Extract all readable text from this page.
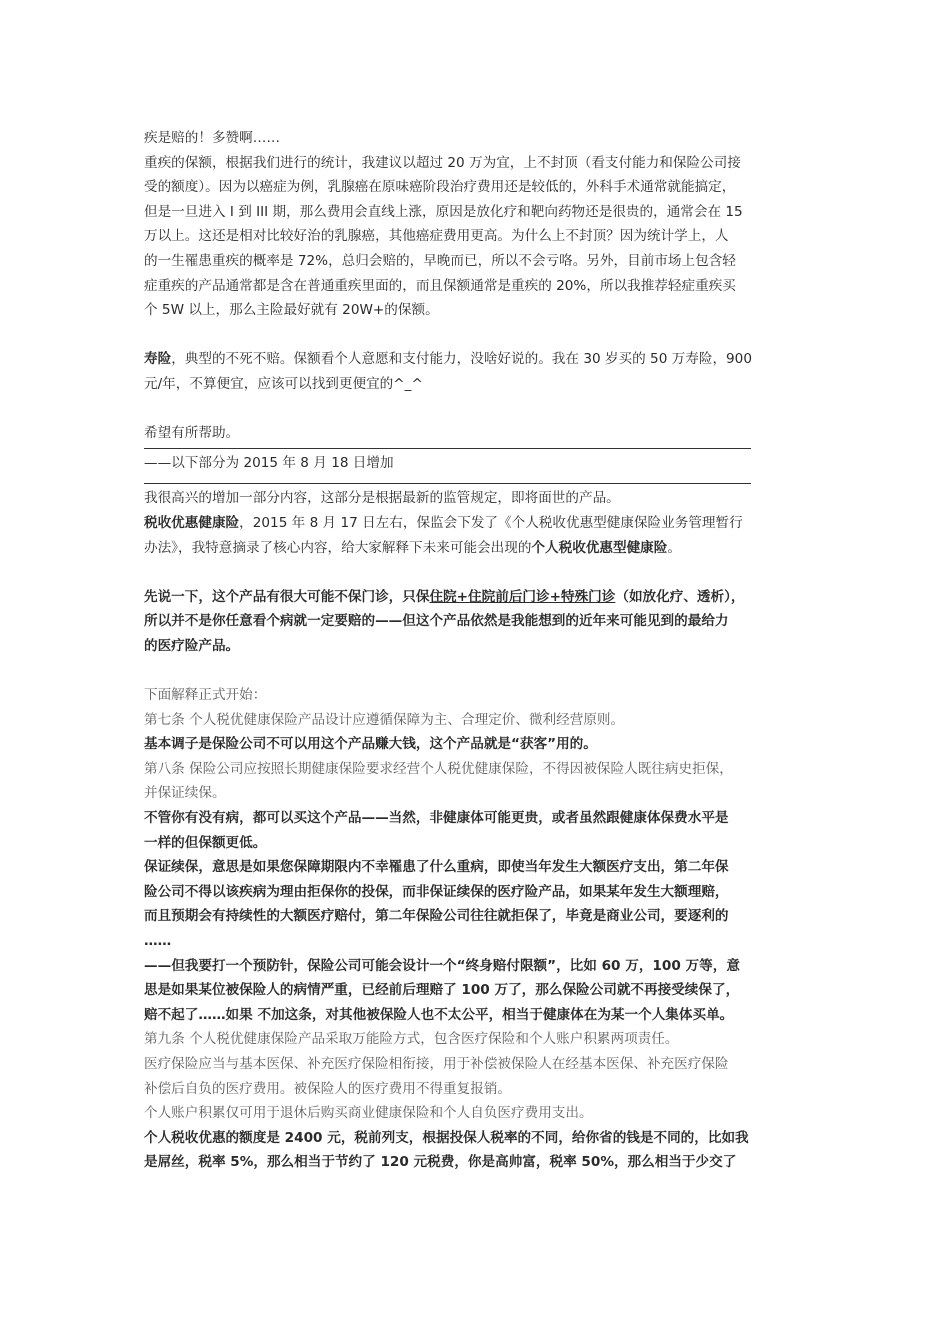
疾是赔的！多赞啊……

重疾的保额，根据我们进行的统计，我建议以超过 20 万为宜，上不封顶（看支付能力和保险公司接

受的额度）。因为以癌症为例，乳腺癌在原味癌阶段治疗费用还是较低的，外科手术通常就能搞定，

但是一旦进入 I 到 III 期，那么费用会直线上涨，原因是放化疗和靶向药物还是很贵的，通常会在 15

万以上。这还是相对比较好治的乳腺癌，其他癌症费用更高。为什么上不封顶？因为统计学上，人

的一生罹患重疾的概率是 72%，总归会赔的，早晚而已，所以不会亏咯。另外，目前市场上包含轻

症重疾的产品通常都是含在普通重疾里面的，而且保额通常是重疾的 20%，所以我推荐轻症重疾买

个 5W 以上，那么主险最好就有 20W+的保额。

寿险，典型的不死不赔。保额看个人意愿和支付能力，没啥好说的。我在 30 岁买的 50 万寿险，900

元/年，不算便宜，应该可以找到更便宜的^_^

希望有所帮助。

——以下部分为 2015 年 8 月 18 日增加

我很高兴的增加一部分内容，这部分是根据最新的监管规定，即将面世的产品。

税收优惠健康险，2015 年 8 月 17 日左右，保监会下发了《个人税收优惠型健康保险业务管理暂行

办法》，我特意摘录了核心内容，给大家解释下未来可能会出现的个人税收优惠型健康险。

先说一下，这个产品有很大可能不保门诊，只保住院+住院前后门诊+特殊门诊（如放化疗、透析），

所以并不是你任意看个病就一定要赔的——但这个产品依然是我能想到的近年来可能见到的最给力

的医疗险产品。

下面解释正式开始：

第七条 个人税优健康保险产品设计应遵循保障为主、合理定价、微利经营原则。

基本调子是保险公司不可以用这个产品赚大钱，这个产品就是“获客”用的。

第八条 保险公司应按照长期健康保险要求经营个人税优健康保险，不得因被保险人既往病史拒保，

并保证续保。

不管你有没有病，都可以买这个产品——当然，非健康体可能更贵，或者虽然跟健康体保费水平是

一样的但保额更低。

保证续保，意思是如果您保障期限内不幸罹患了什么重病，即使当年发生大额医疗支出，第二年保

险公司不得以该疾病为理由拒保你的投保，而非保证续保的医疗险产品，如果某年发生大额理赔，

而且预期会有持续性的大额医疗赔付，第二年保险公司往往就拒保了，毕竟是商业公司，要逐利的

……

——但我要打一个预防针，保险公司可能会设计一个“终身赔付限额”，比如 60 万，100 万等，意

思是如果某位被保险人的病情严重，已经前后理赔了 100 万了，那么保险公司就不再接受续保了，

赔不起了……如果 不加这条，对其他被保险人也不太公平，相当于健康体在为某一个人集体买单。

第九条 个人税优健康保险产品采取万能险方式，包含医疗保险和个人账户积累两项责任。

医疗保险应当与基本医保、补充医疗保险相衔接，用于补偿被保险人在经基本医保、补充医疗保险

补偿后自负的医疗费用。被保险人的医疗费用不得重复报销。

个人账户积累仅可用于退休后购买商业健康保险和个人自负医疗费用支出。

个人税收优惠的额度是 2400 元，税前列支，根据投保人税率的不同，给你省的钱是不同的，比如我

是屌丝，税率 5%，那么相当于节约了 120 元税费，你是高帅富，税率 50%，那么相当于少交了
